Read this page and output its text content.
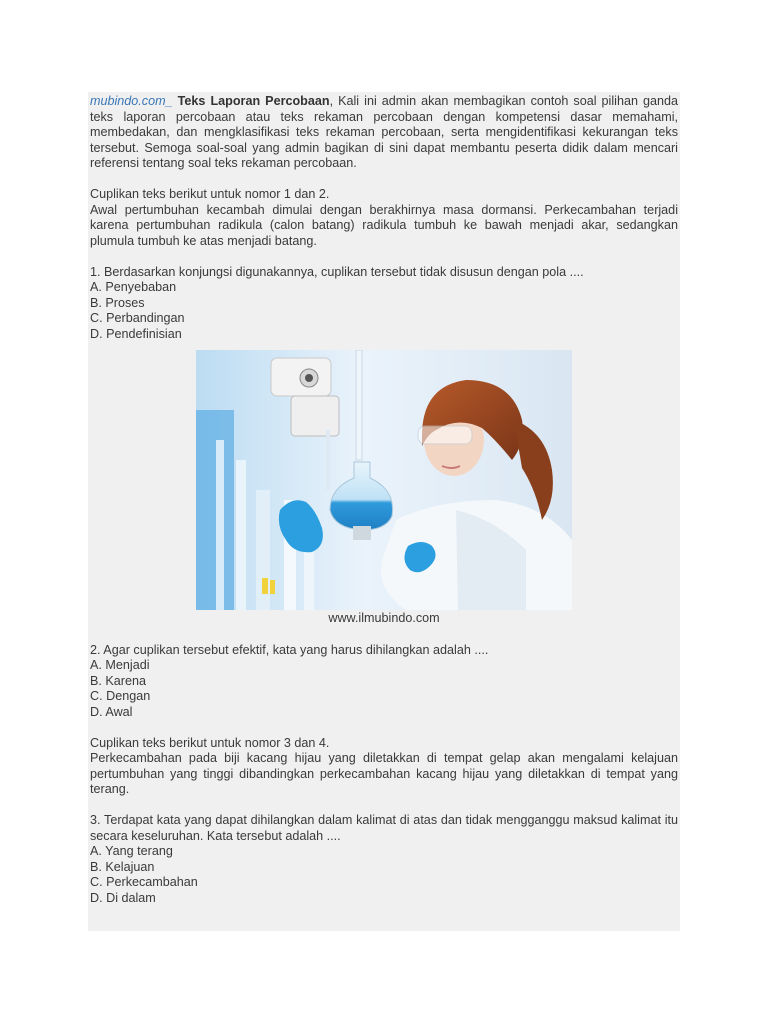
mubindo.com_ Teks Laporan Percobaan, Kali ini admin akan membagikan contoh soal pilihan ganda teks laporan percobaan atau teks rekaman percobaan dengan kompetensi dasar memahami, membedakan, dan mengklasifikasi teks rekaman percobaan, serta mengidentifikasi kekurangan teks tersebut. Semoga soal-soal yang admin bagikan di sini dapat membantu peserta didik dalam mencari referensi tentang soal teks rekaman percobaan.

Cuplikan teks berikut untuk nomor 1 dan 2.

Awal pertumbuhan kecambah dimulai dengan berakhirnya masa dormansi. Perkecambahan terjadi karena pertumbuhan radikula (calon batang) radikula tumbuh ke bawah menjadi akar, sedangkan plumula tumbuh ke atas menjadi batang.

1. Berdasarkan konjungsi digunakannya, cuplikan tersebut tidak disusun dengan pola ....

A. Penyebaban

B. Proses

C. Perbandingan

D. Pendefinisian

www.ilmubindo.com

2. Agar cuplikan tersebut efektif, kata yang harus dihilangkan adalah ....

A. Menjadi

B. Karena

C. Dengan

D. Awal

Cuplikan teks berikut untuk nomor 3 dan 4.

Perkecambahan pada biji kacang hijau yang diletakkan di tempat gelap akan mengalami kelajuan pertumbuhan yang tinggi dibandingkan perkecambahan kacang hijau yang diletakkan di tempat yang terang.

3. Terdapat kata yang dapat dihilangkan dalam kalimat di atas dan tidak mengganggu maksud kalimat itu secara keseluruhan. Kata tersebut adalah ....

A. Yang terang

B. Kelajuan

C. Perkecambahan

D. Di dalam
